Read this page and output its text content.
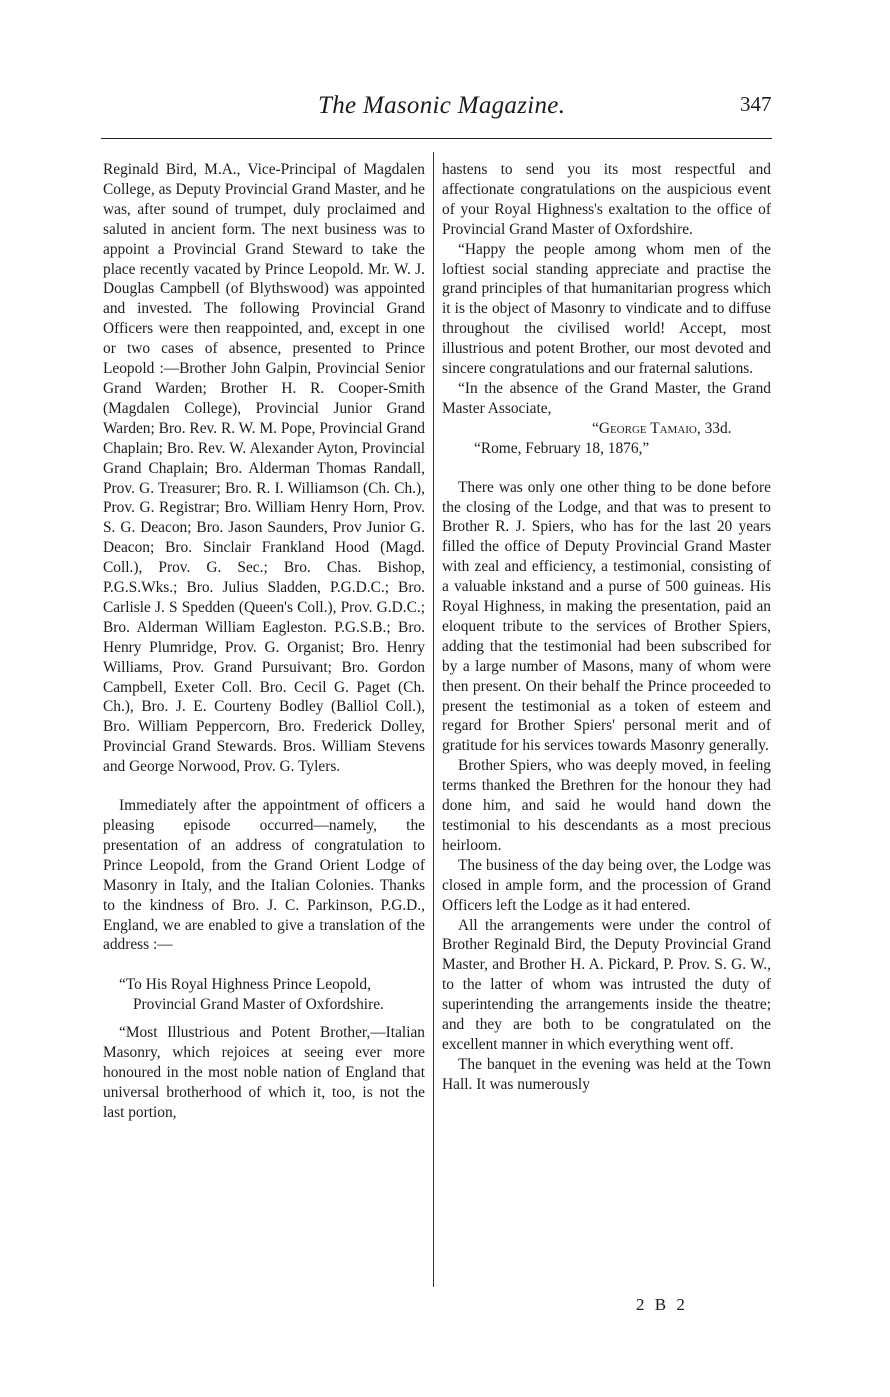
The Masonic Magazine.	347

Reginald Bird, M.A., Vice-Principal of Magdalen College, as Deputy Provincial Grand Master, and he was, after sound of trumpet, duly proclaimed and saluted in ancient form. The next business was to appoint a Provincial Grand Steward to take the place recently vacated by Prince Leopold. Mr. W. J. Douglas Campbell (of Blythswood) was appointed and invested. The following Provincial Grand Officers were then reappointed, and, except in one or two cases of absence, presented to Prince Leopold :—Brother John Galpin, Provincial Senior Grand Warden; Brother H. R. Cooper-Smith (Magdalen College), Provincial Junior Grand Warden; Bro. Rev. R. W. M. Pope, Provincial Grand Chaplain; Bro. Rev. W. Alexander Ayton, Provincial Grand Chaplain; Bro. Alderman Thomas Randall, Prov. G. Treasurer; Bro. R. I. Williamson (Ch. Ch.), Prov. G. Registrar; Bro. William Henry Horn, Prov. S. G. Deacon; Bro. Jason Saunders, Prov Junior G. Deacon; Bro. Sinclair Frankland Hood (Magd. Coll.), Prov. G. Sec.; Bro. Chas. Bishop, P.G.S.Wks.; Bro. Julius Sladden, P.G.D.C.; Bro. Carlisle J. S Spedden (Queen's Coll.), Prov. G.D.C.; Bro. Alderman William Eagleston. P.G.S.B.; Bro. Henry Plumridge, Prov. G. Organist; Bro. Henry Williams, Prov. Grand Pursuivant; Bro. Gordon Campbell, Exeter Coll. Bro. Cecil G. Paget (Ch. Ch.), Bro. J. E. Courteny Bodley (Balliol Coll.), Bro. William Peppercorn, Bro. Frederick Dolley, Provincial Grand Stewards. Bros. William Stevens and George Norwood, Prov. G. Tylers.

Immediately after the appointment of officers a pleasing episode occurred—namely, the presentation of an address of congratulation to Prince Leopold, from the Grand Orient Lodge of Masonry in Italy, and the Italian Colonies. Thanks to the kindness of Bro. J. C. Parkinson, P.G.D., England, we are enabled to give a translation of the address :—

“To His Royal Highness Prince Leopold, Provincial Grand Master of Oxfordshire.

“Most Illustrious and Potent Brother,—Italian Masonry, which rejoices at seeing ever more honoured in the most noble nation of England that universal brotherhood of which it, too, is not the last portion,

hastens to send you its most respectful and affectionate congratulations on the auspicious event of your Royal Highness's exaltation to the office of Provincial Grand Master of Oxfordshire.

“Happy the people among whom men of the loftiest social standing appreciate and practise the grand principles of that humanitarian progress which it is the object of Masonry to vindicate and to diffuse throughout the civilised world! Accept, most illustrious and potent Brother, our most devoted and sincere congratulations and our fraternal salutions.

“In the absence of the Grand Master, the Grand Master Associate,

“George Tamaio, 33d.

“Rome, February 18, 1876,”

There was only one other thing to be done before the closing of the Lodge, and that was to present to Brother R. J. Spiers, who has for the last 20 years filled the office of Deputy Provincial Grand Master with zeal and efficiency, a testimonial, consisting of a valuable inkstand and a purse of 500 guineas. His Royal Highness, in making the presentation, paid an eloquent tribute to the services of Brother Spiers, adding that the testimonial had been subscribed for by a large number of Masons, many of whom were then present. On their behalf the Prince proceeded to present the testimonial as a token of esteem and regard for Brother Spiers' personal merit and of gratitude for his services towards Masonry generally.

Brother Spiers, who was deeply moved, in feeling terms thanked the Brethren for the honour they had done him, and said he would hand down the testimonial to his descendants as a most precious heirloom.

The business of the day being over, the Lodge was closed in ample form, and the procession of Grand Officers left the Lodge as it had entered.

All the arrangements were under the control of Brother Reginald Bird, the Deputy Provincial Grand Master, and Brother H. A. Pickard, P. Prov. S. G. W., to the latter of whom was intrusted the duty of superintending the arrangements inside the theatre; and they are both to be congratulated on the excellent manner in which everything went off.

The banquet in the evening was held at the Town Hall. It was numerously

2 B 2
